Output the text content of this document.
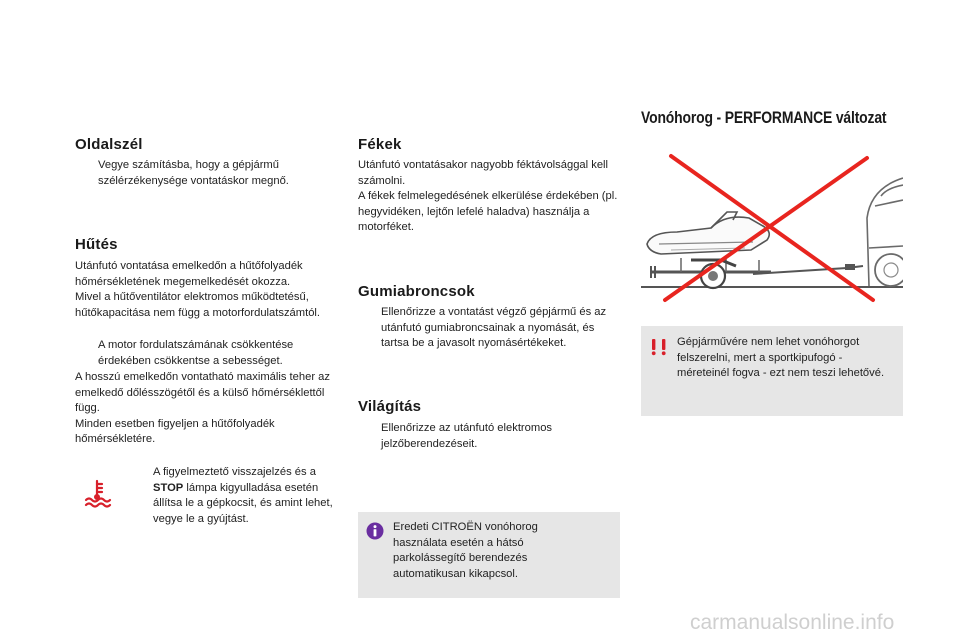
Oldalszél
Vegye számításba, hogy a gépjármű szélérzékenysége vontatáskor megnő.
Hűtés

Utánfutó vontatása emelkedőn a hűtőfolyadék hőmérsékletének megemelkedését okozza.

Mivel a hűtőventilátor elektromos működtetésű, hűtőkapacitása nem függ a motorfordulatszámtól.

A motor fordulatszámának csökkentése érdekében csökkentse a sebességet.

A hosszú emelkedőn vontatható maximális teher az emelkedő dőlésszögétől és a külső hőmérséklettől függ.

Minden esetben figyeljen a hűtőfolyadék hőmérsékletére.

A figyelmeztető visszajelzés és a STOP lámpa kigyulladása esetén állítsa le a gépkocsit, és amint lehet, vegye le a gyújtást.
Fékek

Utánfutó vontatásakor nagyobb féktávolsággal kell számolni.

A fékek felmelegedésének elkerülése érdekében (pl. hegyvidéken, lejtőn lefelé haladva) használja a motorféket.

Gumiabroncsok
Ellenőrizze a vontatást végző gépjármű és az utánfutó gumiabroncsainak a nyomását, és tartsa be a javasolt nyomásértékeket.
Világítás
Ellenőrizze az utánfutó elektromos jelzőberendezéseit.
Eredeti CITROËN vonóhorog használata esetén a hátsó parkolássegítő berendezés automatikusan kikapcsol.
Vonóhorog - PERFORMANCE változat
Gépjárművére nem lehet vonóhorgot felszerelni, mert a sportkipufogó -méreteinél fogva - ezt nem teszi lehetővé.
carmanualsonline.info
